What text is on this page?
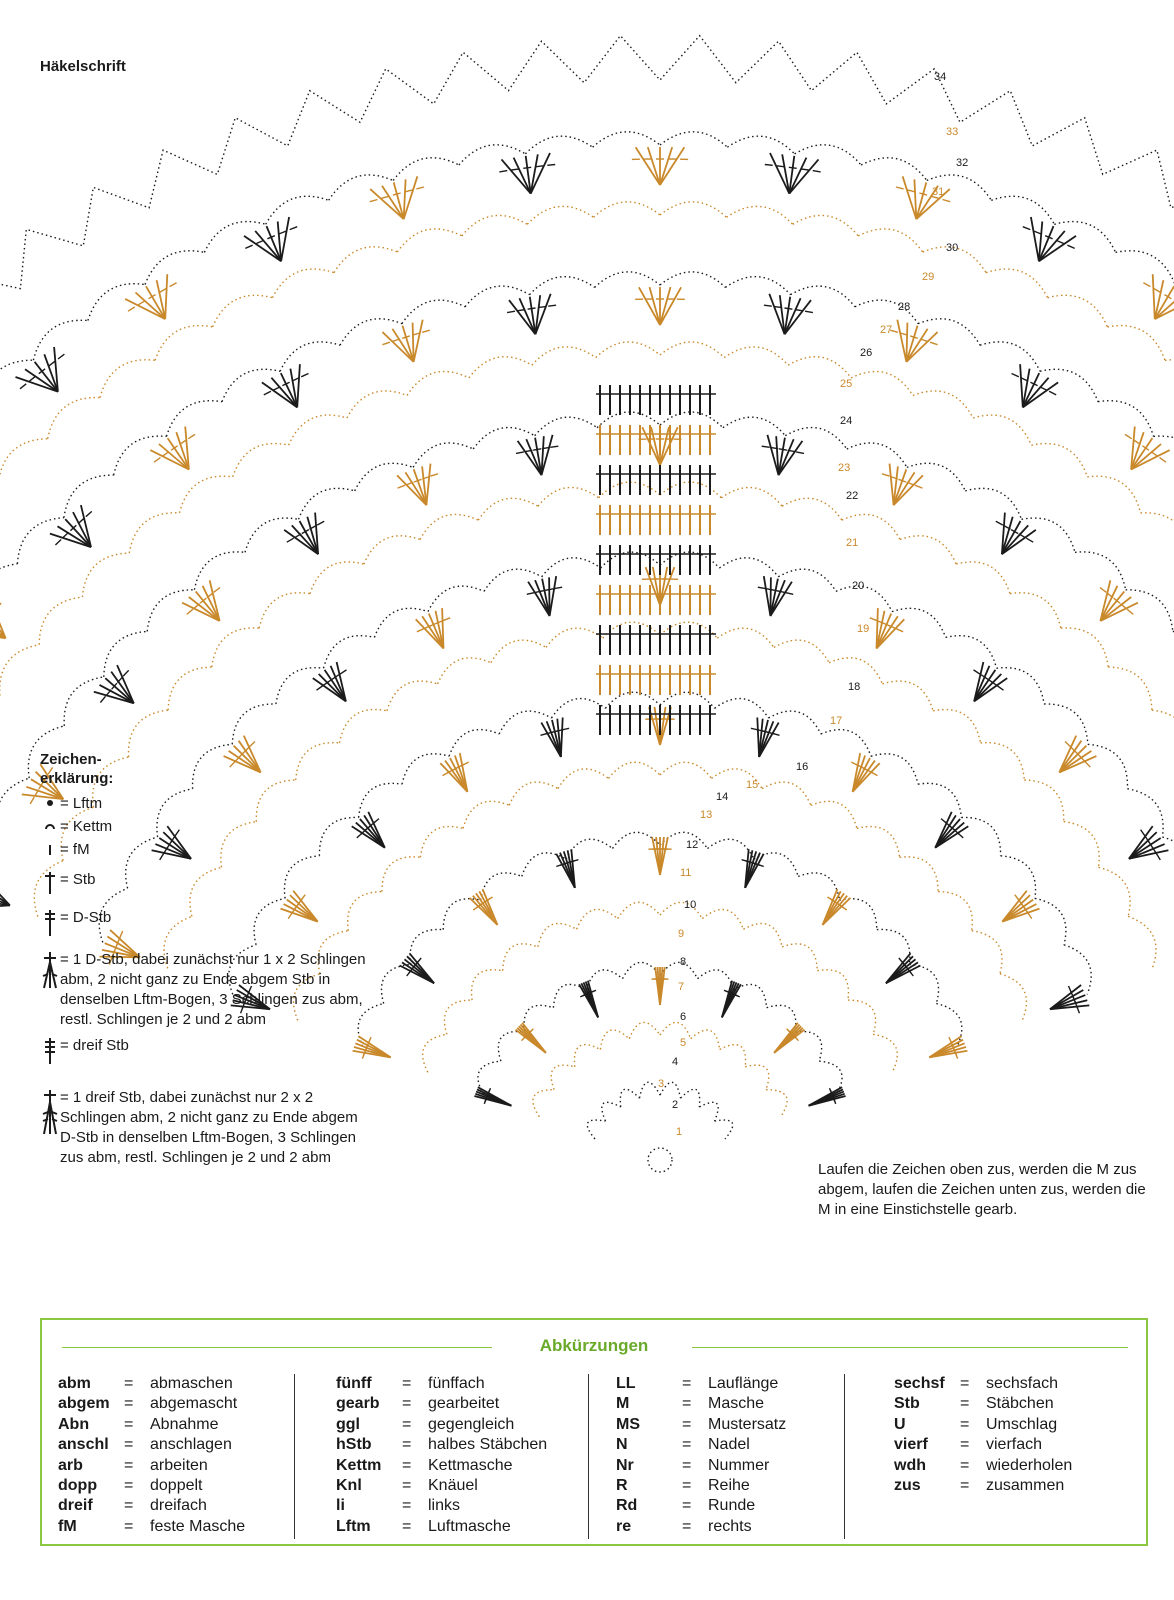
1
2
3
4
5
6
7
8
9
10
11
12
13
14
15
16
17
18
19
20
21
22
23
24
25
26
27
28
29
30
31
32
33
34
Häkelschrift
Zeichen-
erklärung:
= Lftm
= Kettm
= fM
= Stb
= D-Stb
= 1 D-Stb, dabei zunächst nur 1 x 2 Schlingen abm, 2 nicht ganz zu Ende abgem Stb in denselben Lftm-Bogen, 3 Schlingen zus abm, restl. Schlingen je 2 und 2 abm
= dreif Stb
= 1 dreif Stb, dabei zunächst nur 2 x 2 Schlingen abm, 2 nicht ganz zu Ende abgem D-Stb in denselben Lftm-Bogen, 3 Schlingen zus abm, restl. Schlingen je 2 und 2 abm
Laufen die Zeichen oben zus, werden die M zus abgem, laufen die Zeichen unten zus, werden die M in eine Einstichstelle gearb.
Abkürzungen
abm	=	abmaschen
abgem =	abgemascht
Abn	=	Abnahme
anschl =	anschlagen
arb	=	arbeiten
dopp	=	doppelt
dreif	=	dreifach
fM	=	feste Masche
fünff	=	fünffach
gearb	=	gearbeitet
ggl	=	gegengleich
hStb	=	halbes Stäbchen
Kettm	=	Kettmasche
Knl	=	Knäuel
li	=	links
Lftm	=	Luftmasche
LL	=	Lauflänge
M	=	Masche
MS	=	Mustersatz
N	=	Nadel
Nr	=	Nummer
R	=	Reihe
Rd	=	Runde
re	=	rechts
sechsf =	sechsfach
Stb	=	Stäbchen
U	=	Umschlag
vierf	=	vierfach
wdh	=	wiederholen
zus	=	zusammen
